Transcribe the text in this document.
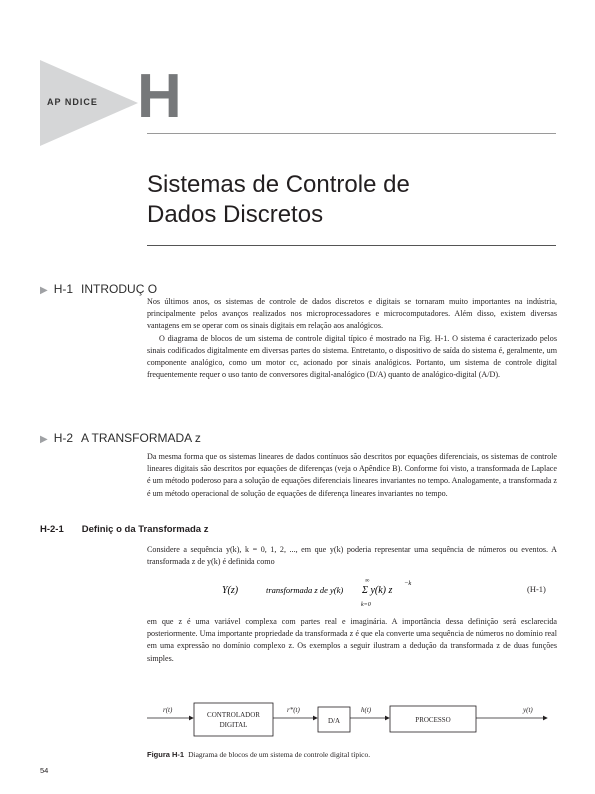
AP NDICE H
Sistemas de Controle de
Dados Discretos
▶ H-1 INTRODUÇ O

Nos últimos anos, os sistemas de controle de dados discretos e digitais se tornaram muito importantes na indústria, principalmente pelos avanços realizados nos microprocessadores e microcomputadores. Além disso, existem diversas vantagens em se operar com os sinais digitais em relação aos analógicos.

O diagrama de blocos de um sistema de controle digital típico é mostrado na Fig. H-1. O sistema é caracterizado pelos sinais codificados digitalmente em diversas partes do sistema. Entretanto, o dispositivo de saída do sistema é, geralmente, um componente analógico, como um motor cc, acionado por sinais analógicos. Portanto, um sistema de controle digital frequentemente requer o uso tanto de conversores digital-analógico (D/A) quanto de analógico-digital (A/D).

▶ H-2 A TRANSFORMADA z

Da mesma forma que os sistemas lineares de dados contínuos são descritos por equações diferenciais, os sistemas de controle lineares digitais são descritos por equações de diferenças (veja o Apêndice B). Conforme foi visto, a transformada de Laplace é um método poderoso para a solução de equações diferenciais lineares invariantes no tempo. Analogamente, a transformada z é um método operacional de solução de equações de diferença lineares invariantes no tempo.

H-2-1 Definiç o da Transformada z

Considere a sequência y(k), k = 0, 1, 2, ..., em que y(k) poderia representar uma sequência de números ou eventos. A transformada z de y(k) é definida como

Y(z)	transformada z de y(k) Σ y(k) z
−k
∞
k=0
(H-1)

em que z é uma variável complexa com partes real e imaginária. A importância dessa definição será esclarecida posteriormente. Uma importante propriedade da transformada z é que ela converte uma sequência de números no domínio real em uma expressão no domínio complexo z. Os exemplos a seguir ilustram a dedução da transformada z de duas funções simples.

r(t)
CONTROLADOR
DIGITAL
r*(t)
D/A
h(t)
PROCESSO
y(t)
Figura H-1 Diagrama de blocos de um sistema de controle digital típico.
54
